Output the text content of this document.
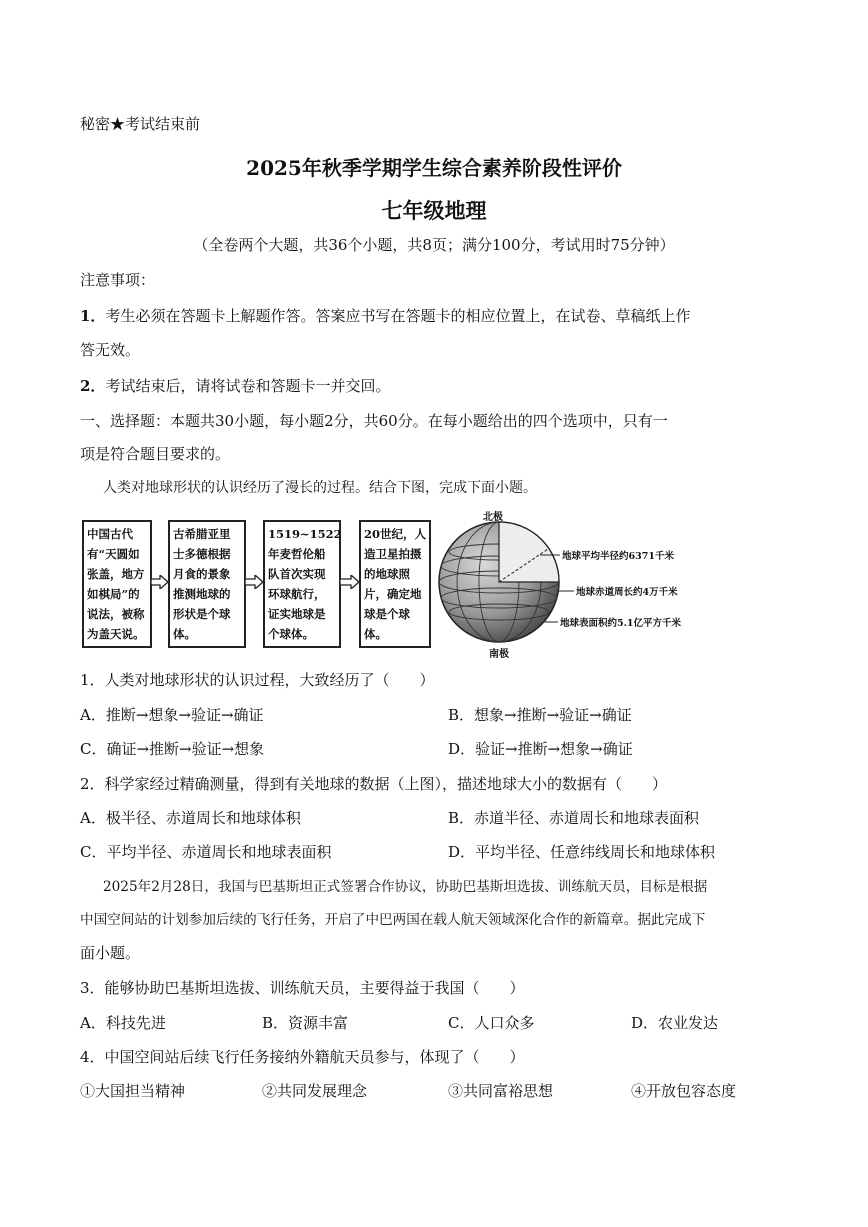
秘密★考试结束前
2025年秋季学期学生综合素养阶段性评价
七年级地理
（全卷两个大题，共36个小题，共8页；满分100分，考试用时75分钟）
注意事项：
1．考生必须在答题卡上解题作答。答案应书写在答题卡的相应位置上，在试卷、草稿纸上作
答无效。
2．考试结束后，请将试卷和答题卡一并交回。
一、选择题：本题共30小题，每小题2分，共60分。在每小题给出的四个选项中，只有一
项是符合题目要求的。
人类对地球形状的认识经历了漫长的过程。结合下图，完成下面小题。
中国古代有“天圆如张盖，地方如棋局”的说法，被称为盖天说。
古希腊亚里士多德根据月食的景象推测地球的形状是个球体。
1519~1522年麦哲伦船队首次实现环球航行，证实地球是个球体。
20世纪，人造卫星拍摄的地球照片，确定地球是个球体。
北极
南极
地球平均半径约6371千米
地球赤道周长约4万千米
地球表面积约5.1亿平方千米
1．人类对地球形状的认识过程，大致经历了（　　）
A．推断→想象→验证→确证	B．想象→推断→验证→确证
C．确证→推断→验证→想象	D．验证→推断→想象→确证
2．科学家经过精确测量，得到有关地球的数据（上图），描述地球大小的数据有（　　）
A．极半径、赤道周长和地球体积	B．赤道半径、赤道周长和地球表面积
C．平均半径、赤道周长和地球表面积	D．平均半径、任意纬线周长和地球体积
2025年2月28日，我国与巴基斯坦正式签署合作协议，协助巴基斯坦选拔、训练航天员，目标是根据
中国空间站的计划参加后续的飞行任务，开启了中巴两国在载人航天领域深化合作的新篇章。据此完成下
面小题。
3．能够协助巴基斯坦选拔、训练航天员，主要得益于我国（　　）
A．科技先进	B．资源丰富	C．人口众多	D．农业发达
4．中国空间站后续飞行任务接纳外籍航天员参与，体现了（　　）
①大国担当精神	②共同发展理念	③共同富裕思想	④开放包容态度
